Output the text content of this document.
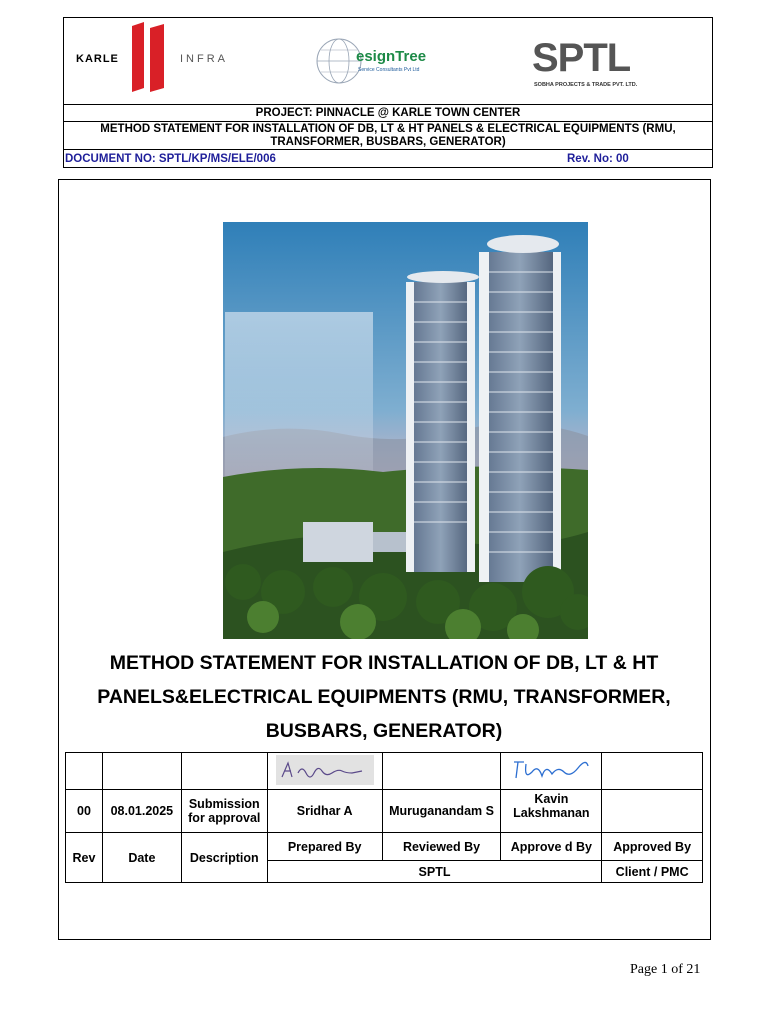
KARLE	INFRA	esignTree
Service Consultants Pvt Ltd	SPTL
SOBHA PROJECTS & TRADE PVT. LTD.
PROJECT: PINNACLE @ KARLE TOWN CENTER
METHOD STATEMENT FOR INSTALLATION OF DB, LT & HT PANELS & ELECTRICAL EQUIPMENTS (RMU,
TRANSFORMER, BUSBARS, GENERATOR)
DOCUMENT NO: SPTL/KP/MS/ELE/006	Rev. No: 00
METHOD STATEMENT FOR INSTALLATION OF DB, LT & HT
PANELS&ELECTRICAL EQUIPMENTS (RMU, TRANSFORMER,
BUSBARS, GENERATOR)

00	08.01.2025	Submission for approval	Sridhar A	Muruganandam S	Kavin Lakshmanan	
Rev	Date	Description	Prepared By	Reviewed By	Approve d By	Approved By
			SPTL			Client / PMC
Page 1 of 21
